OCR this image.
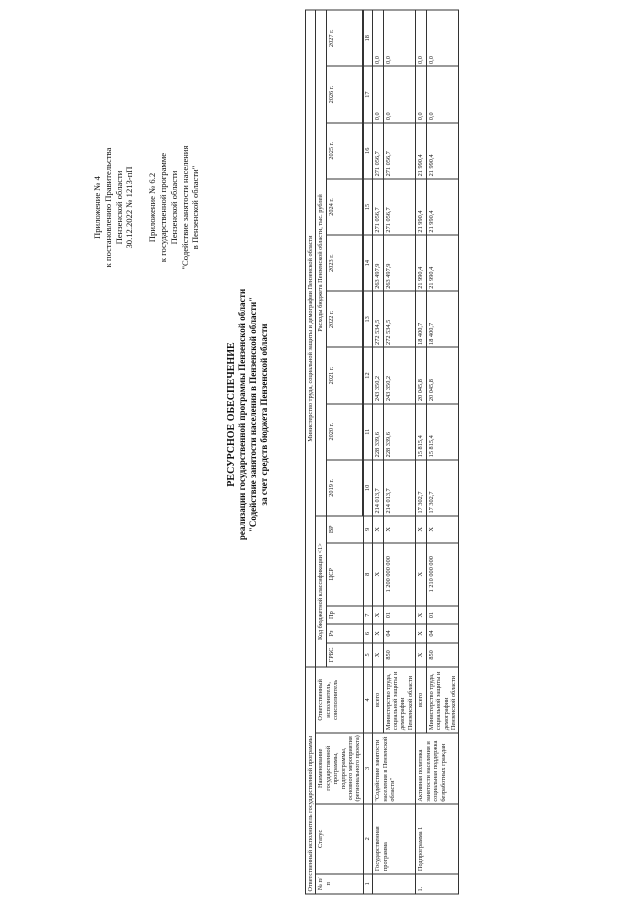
Приложение № 4 к постановлению Правительства Пензенской области 30.12.2022 № 1213-пП Приложение № 6.2 к государственной программе Пензенской области "Содействие занятости населения в Пензенской области"
РЕСУРСНОЕ ОБЕСПЕЧЕНИЕ реализации государственной программы Пензенской области "Содействие занятости населения в Пензенской области" за счет средств бюджета Пензенской области
Ответственный исполнитель государственной программы				Министерство труда, социальной защиты и демографии Пензенской области													
№ п/п	Статус	Наименование государственной программы, подпрограммы, основного мероприятия (регионального проекта)	Ответственный исполнитель, соисполнитель	Код бюджетной классификации <1>					Расходы бюджета Пензенской области, тыс. рублей								
				ГРБС	Рз	Пр	ЦСР	ВР	2019 г.	2020 г.	2021 г.	2022 г.	2023 г.	2024 г.	2025 г.	2026 г.	2027 г.

1	2	3	4	5	6	7	8	9	10	11	12	13	14	15	16	17	18
	Государственная программа	"Содействие занятости населения в Пензенской области"	всего	X	X	X	X	X	214 013,7	228 339,6	243 350,2	272 534,5	263 497,9	271 056,7	271 056,7	0,0	0,0
			Министерство труда, социальной защиты и демографии Пензенской области	850	04	01	1 200 000 000	X	214 013,7	228 339,6	243 350,2	272 534,5	263 497,9	271 056,7	271 056,7	0,0	0,0
1.	Подпрограмма 1	Активная политика занятости населения и социальная поддержка безработных граждан	всего	X	X	X	X	X	17 302,7	15 815,4	20 045,8	18 400,7	21 990,4	21 990,4	21 990,4	0,0	0,0
			Министерство труда, социальной защиты и демографии Пензенской области	850	04	01	1 210 000 000	X	17 302,7	15 815,4	20 045,8	18 400,7	21 990,4	21 990,4	21 990,4	0,0	0,0
